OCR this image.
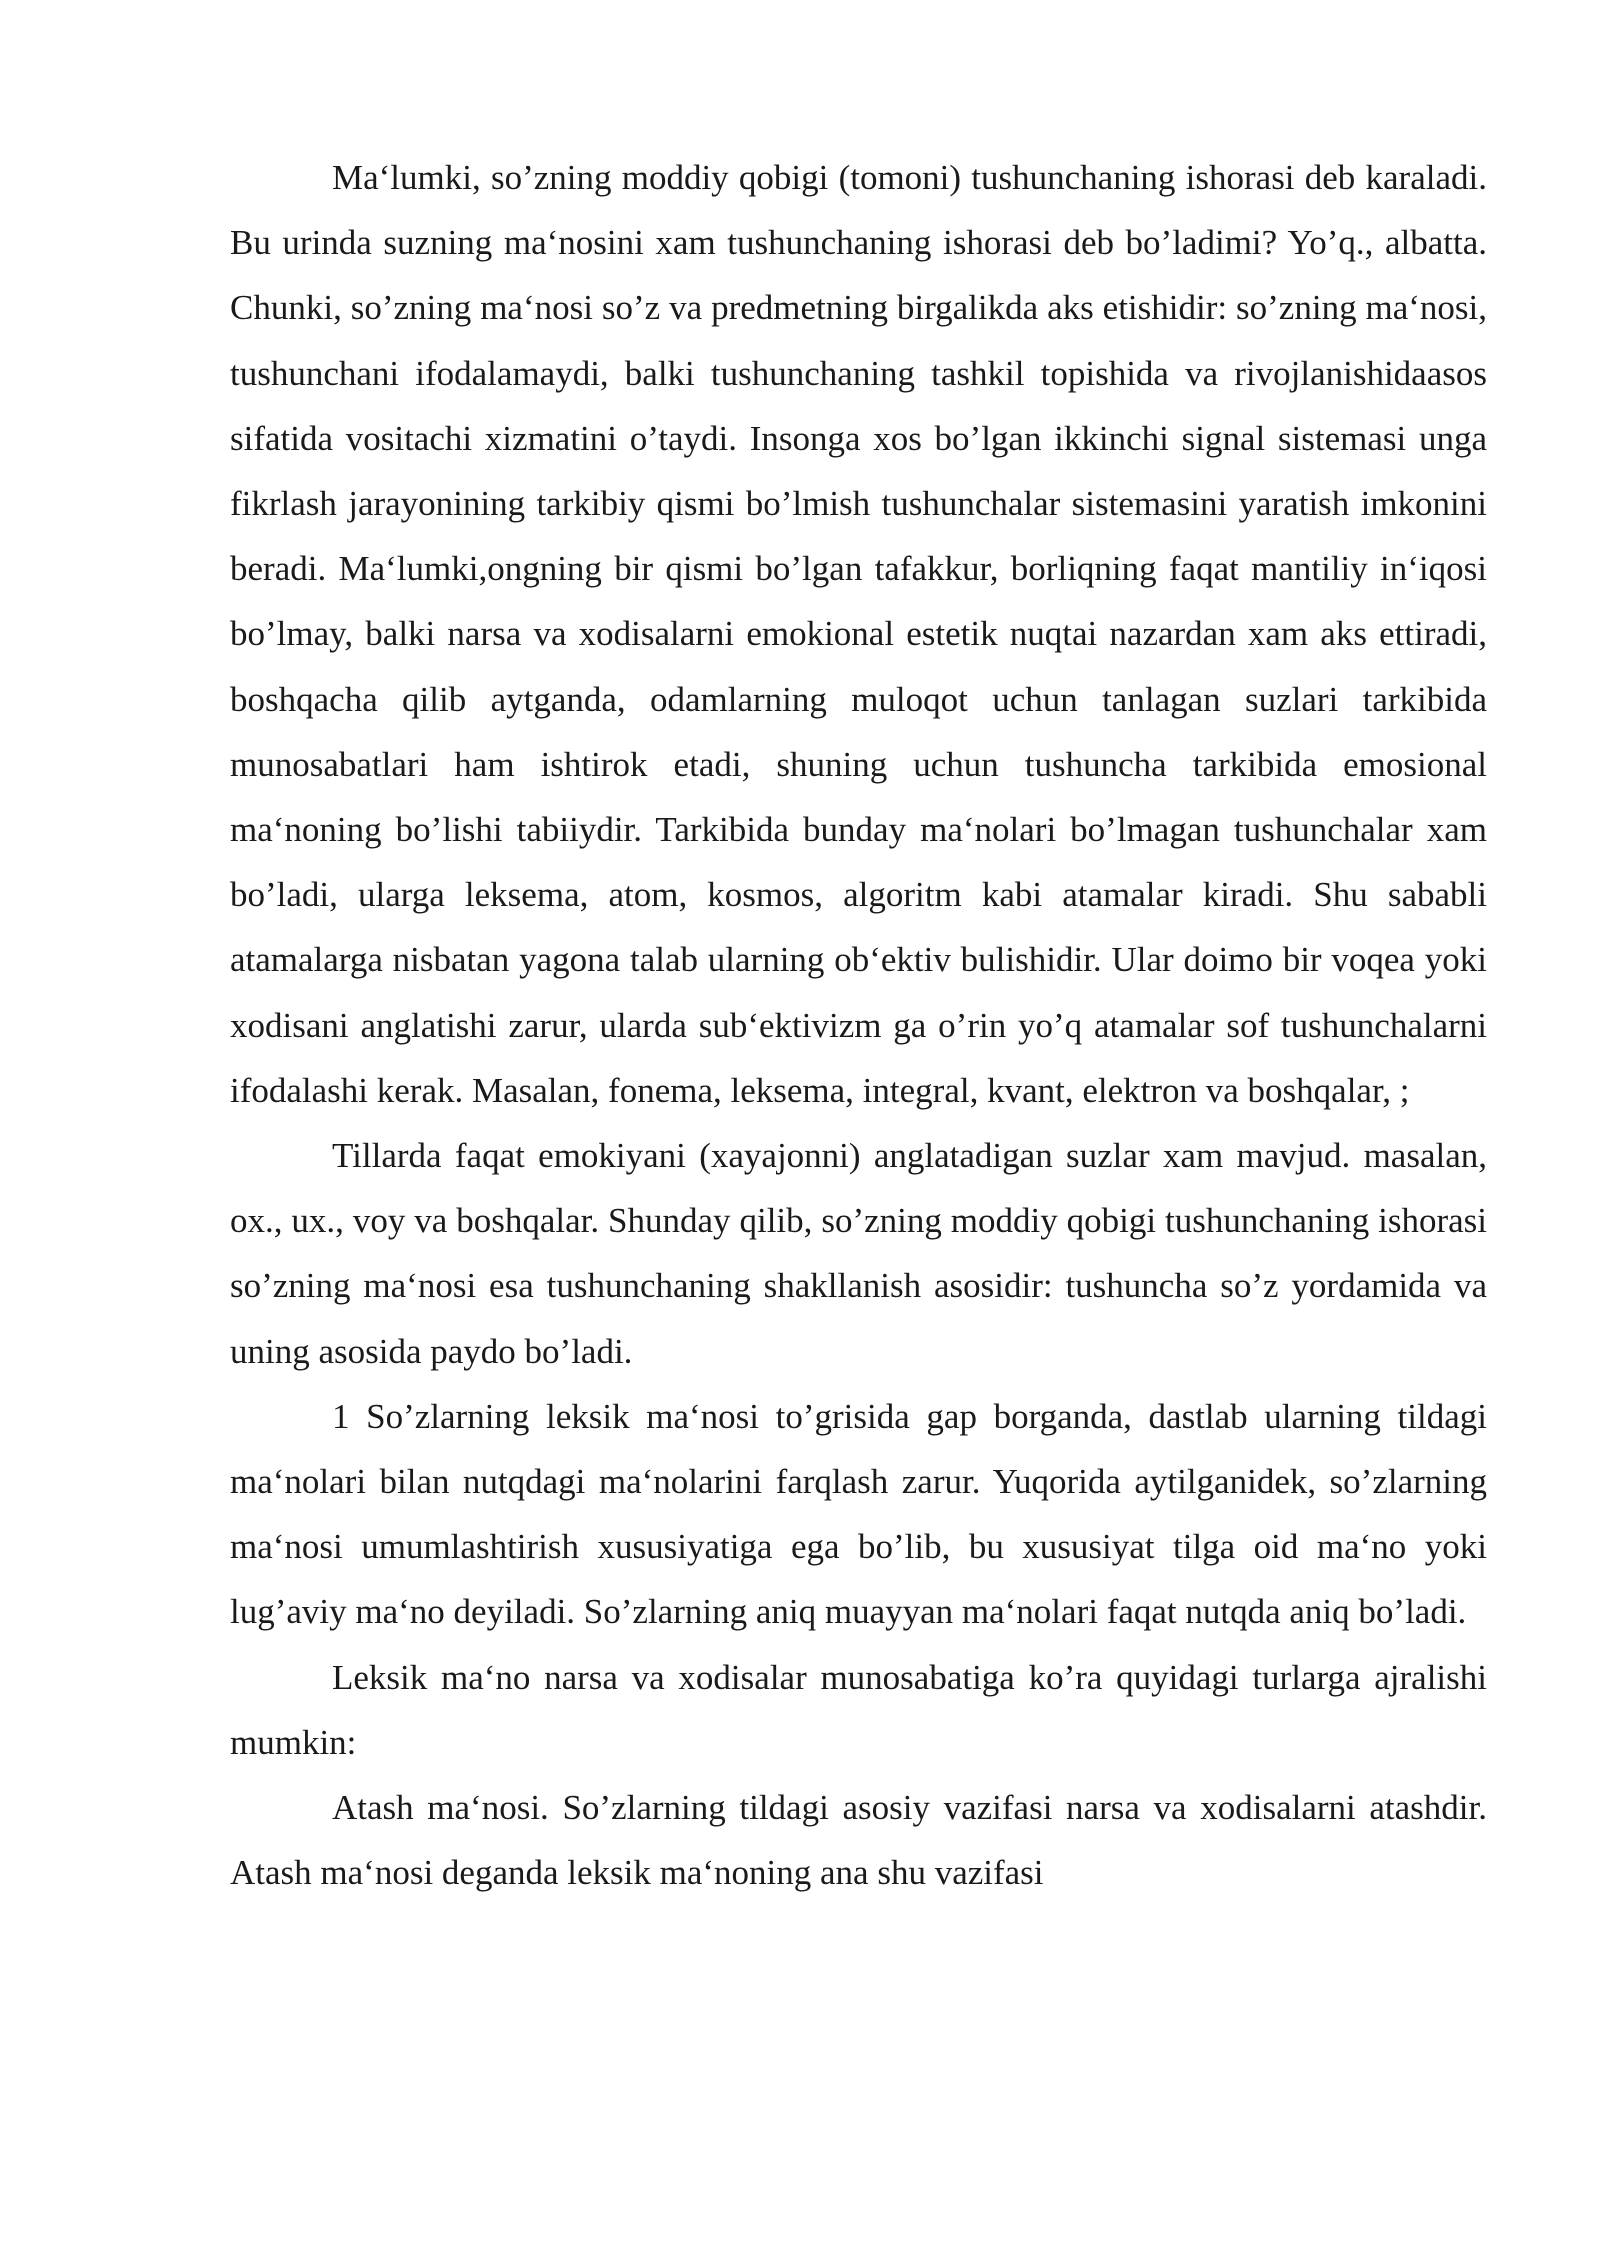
Ma‘lumki, so’zning moddiy qobigi (tomoni) tushunchaning ishorasi deb karaladi. Bu urinda suzning ma‘nosini xam tushunchaning ishorasi deb bo’ladimi? Yo’q., albatta. Chunki, so’zning ma‘nosi so’z va predmetning birgalikda aks etishidir: so’zning ma‘nosi, tushunchani ifodalamaydi, balki tushunchaning tashkil topishida va rivojlanishidaasos sifatida vositachi xizmatini o’taydi. Insonga xos bo’lgan ikkinchi signal sistemasi unga fikrlash jarayonining tarkibiy qismi bo’lmish tushunchalar sistemasini yaratish imkonini beradi. Ma‘lumki,ongning bir qismi bo’lgan tafakkur, borliqning faqat mantiliy in‘iqosi bo’lmay, balki narsa va xodisalarni emokional estetik nuqtai nazardan xam aks ettiradi, boshqacha qilib aytganda, odamlarning muloqot uchun tanlagan suzlari tarkibida munosabatlari ham ishtirok etadi, shuning uchun tushuncha tarkibida emosional ma‘noning bo’lishi tabiiydir. Tarkibida bunday ma‘nolari bo’lmagan tushunchalar xam bo’ladi, ularga leksema, atom, kosmos, algoritm kabi atamalar kiradi. Shu sababli atamalarga nisbatan yagona talab ularning ob‘ektiv bulishidir. Ular doimo bir voqea yoki xodisani anglatishi zarur, ularda sub‘ektivizm ga o’rin yo’q atamalar sof tushunchalarni ifodalashi kerak. Masalan, fonema, leksema, integral, kvant, elektron va boshqalar, ;

Tillarda faqat emokiyani (xayajonni) anglatadigan suzlar xam mavjud. masalan, ox., ux., voy va boshqalar. Shunday qilib, so’zning moddiy qobigi tushunchaning ishorasi so’zning ma‘nosi esa tushunchaning shakllanish asosidir: tushuncha so’z yordamida va uning asosida paydo bo’ladi.

1 So’zlarning leksik ma‘nosi to’grisida gap borganda, dastlab ularning tildagi ma‘nolari bilan nutqdagi ma‘nolarini farqlash zarur. Yuqorida aytilganidek, so’zlarning ma‘nosi umumlashtirish xususiyatiga ega bo’lib, bu xususiyat tilga oid ma‘no yoki lug’aviy ma‘no deyiladi. So’zlarning aniq muayyan ma‘nolari faqat nutqda aniq bo’ladi.

Leksik ma‘no narsa va xodisalar munosabatiga ko’ra quyidagi turlarga ajralishi mumkin:

Atash ma‘nosi. So’zlarning tildagi asosiy vazifasi narsa va xodisalarni atashdir. Atash ma‘nosi deganda leksik ma‘noning ana shu vazifasi
